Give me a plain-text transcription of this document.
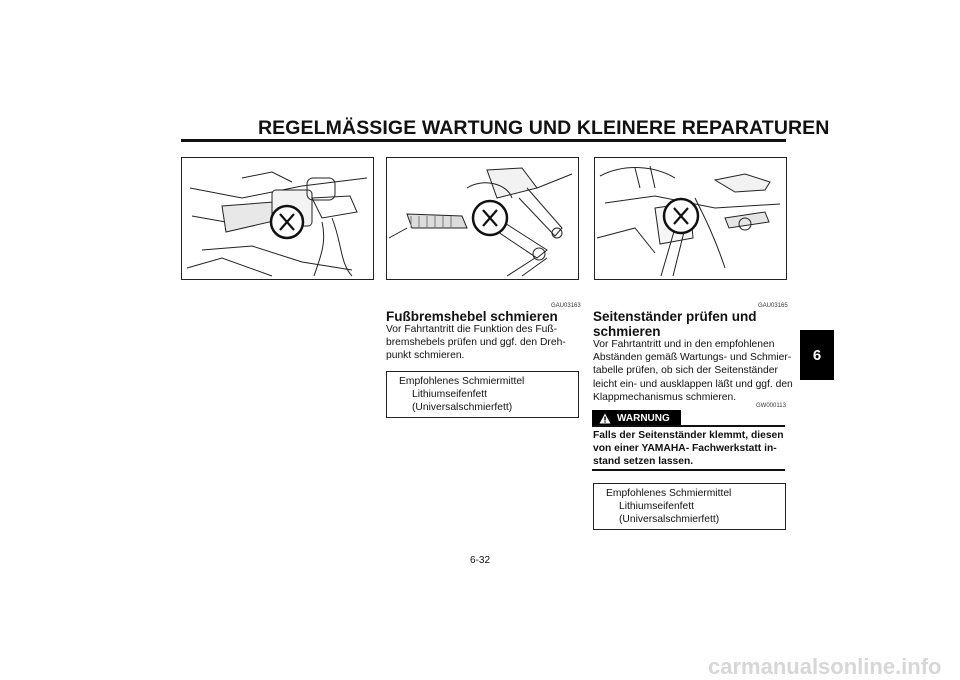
REGELMÄSSIGE WARTUNG UND KLEINERE REPARATUREN
6
GAU03163
Fußbremshebel schmieren
Vor Fahrtantritt die Funktion des Fuß-
bremshebels prüfen und ggf. den Dreh-
punkt schmieren.
Empfohlenes Schmiermittel
Lithiumseifenfett
(Universalschmierfett)
GAU03165
Seitenständer prüfen und
schmieren
Vor Fahrtantritt und in den empfohlenen
Abständen gemäß Wartungs- und Schmier-
tabelle prüfen, ob sich der Seitenständer
leicht ein- und ausklappen läßt und ggf. den
Klappmechanismus schmieren.
GW000113
WARNUNG
Falls der Seitenständer klemmt, diesen
von einer YAMAHA- Fachwerkstatt in-
stand setzen lassen.
Empfohlenes Schmiermittel
Lithiumseifenfett
(Universalschmierfett)
6-32
carmanualsonline.info
